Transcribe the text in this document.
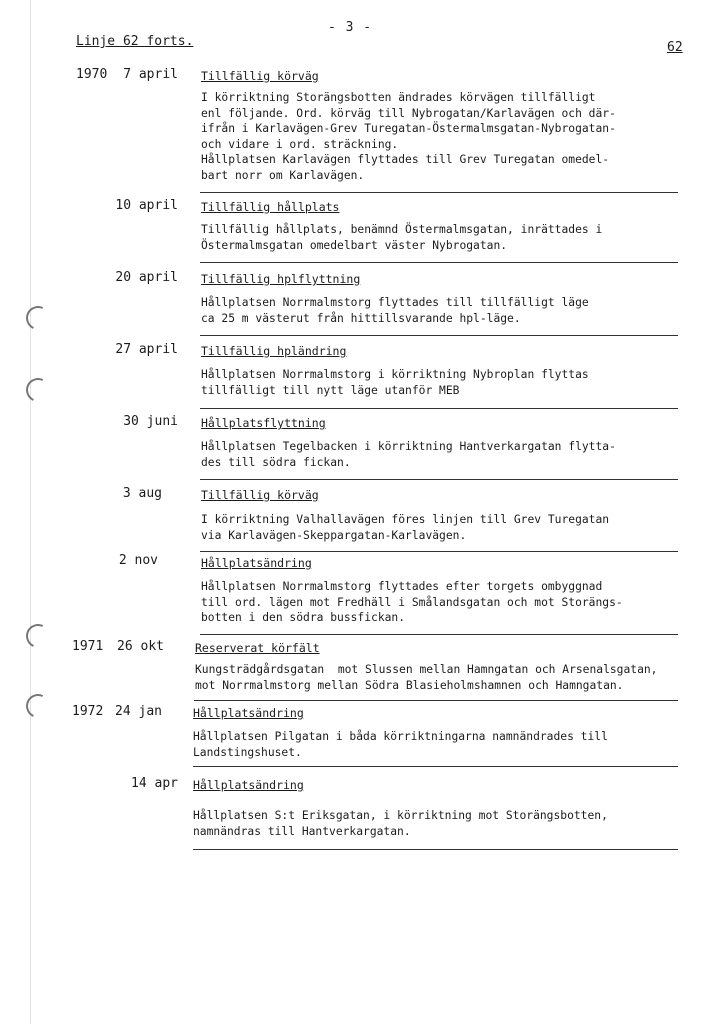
- 3 -
Linje 62 forts.	62
1970	7 april Tillfällig körväg
I körriktning Storängsbotten ändrades körvägen tillfälligt
enl följande. Ord. körväg till Nybrogatan/Karlavägen och där-
ifrån i Karlavägen-Grev Turegatan-Östermalmsgatan-Nybrogatan-
och vidare i ord. sträckning.
Hållplatsen Karlavägen flyttades till Grev Turegatan omedel-
bart norr om Karlavägen.
10 april Tillfällig hållplats
Tillfällig hållplats, benämnd Östermalmsgatan, inrättades i
Östermalmsgatan omedelbart väster Nybrogatan.
20 april Tillfällig hplflyttning
Hållplatsen Norrmalmstorg flyttades till tillfälligt läge
ca 25 m västerut från hittillsvarande hpl-läge.
27 april Tillfällig hpländring
Hållplatsen Norrmalmstorg i körriktning Nybroplan flyttas
tillfälligt till nytt läge utanför MEB
30 juni Hållplatsflyttning
Hållplatsen Tegelbacken i körriktning Hantverkargatan flytta-
des till södra fickan.
3 aug	Tillfällig körväg
I körriktning Valhallavägen föres linjen till Grev Turegatan
via Karlavägen-Skeppargatan-Karlavägen.
2 nov	Hållplatsändring
Hållplatsen Norrmalmstorg flyttades efter torgets ombyggnad
till ord. lägen mot Fredhäll i Smålandsgatan och mot Storängs-
botten i den södra bussfickan.
1971	26 okt	Reserverat körfält
Kungsträdgårdsgatan  mot Slussen mellan Hamngatan och Arsenalsgatan,
mot Norrmalmstorg mellan Södra Blasieholmshamnen och Hamngatan.
1972 24 jan	Hållplatsändring
Hållplatsen Pilgatan i båda körriktningarna namnändrades till
Landstingshuset.
14 apr Hållplatsändring
Hållplatsen S:t Eriksgatan, i körriktning mot Storängsbotten,
namnändras till Hantverkargatan.
